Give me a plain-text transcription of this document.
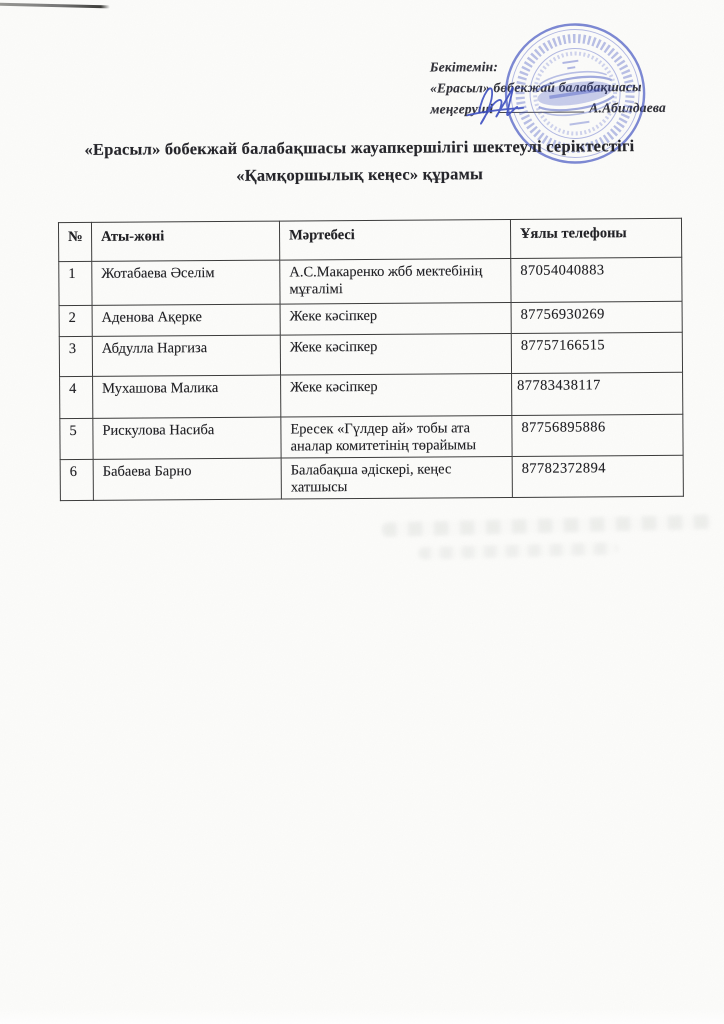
Бекітемін:
«Ерасыл» бөбекжай балабақшасы
меңгеруші	А.Абилдаева
«Ерасыл» бобекжай балабақшасы жауапкершілігі шектеулі серіктестігі
«Қамқоршылық кеңес» құрамы
№	Аты-жөні	Мәртебесі	Ұялы телефоны
1	Жотабаева Әселім	А.С.Макаренко жбб мектебінің мұғалімі	87054040883
2	Аденова Ақерке	Жеке кәсіпкер	87756930269
3	Абдулла Наргиза	Жеке кәсіпкер	87757166515
4	Мухашова Малика	Жеке кәсіпкер	87783438117
5	Рискулова Насиба	Ересек «Гүлдер ай» тобы ата аналар комитетінің төрайымы	87756895886
6	Бабаева Барно	Балабақша әдіскері, кеңес хатшысы	87782372894
